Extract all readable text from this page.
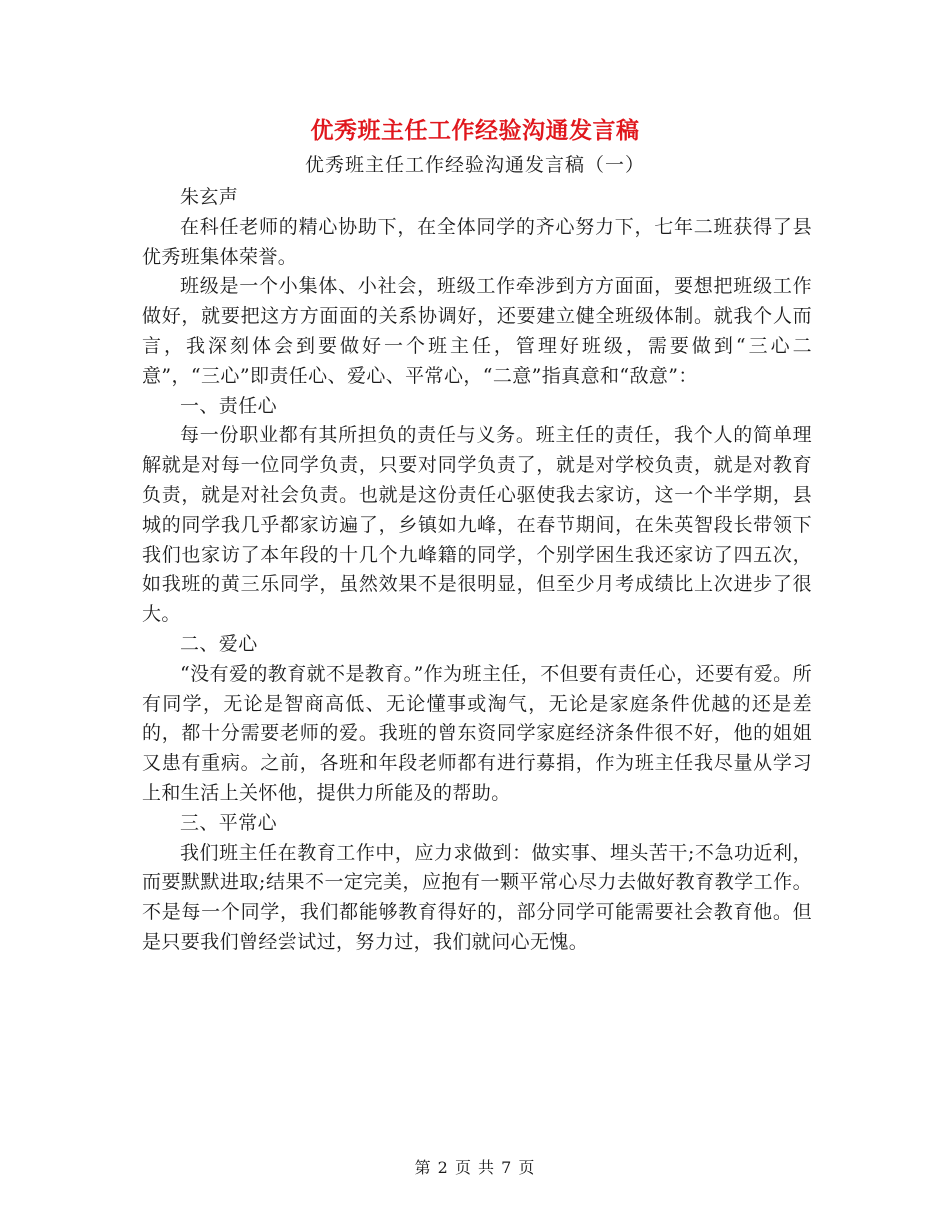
优秀班主任工作经验沟通发言稿
优秀班主任工作经验沟通发言稿（一）

朱玄声

在科任老师的精心协助下，在全体同学的齐心努力下，七年二班获得了县优秀班集体荣誉。

班级是一个小集体、小社会，班级工作牵涉到方方面面，要想把班级工作做好，就要把这方方面面的关系协调好，还要建立健全班级体制。就我个人而言，我深刻体会到要做好一个班主任，管理好班级，需要做到“三心二意”，“三心”即责任心、爱心、平常心，“二意”指真意和“敌意”：

一、责任心

每一份职业都有其所担负的责任与义务。班主任的责任，我个人的简单理解就是对每一位同学负责，只要对同学负责了，就是对学校负责，就是对教育负责，就是对社会负责。也就是这份责任心驱使我去家访，这一个半学期，县城的同学我几乎都家访遍了，乡镇如九峰，在春节期间，在朱英智段长带领下我们也家访了本年段的十几个九峰籍的同学，个别学困生我还家访了四五次，如我班的黄三乐同学，虽然效果不是很明显，但至少月考成绩比上次进步了很大。

二、爱心

“没有爱的教育就不是教育。”作为班主任，不但要有责任心，还要有爱。所有同学，无论是智商高低、无论懂事或淘气，无论是家庭条件优越的还是差的，都十分需要老师的爱。我班的曾东资同学家庭经济条件很不好，他的姐姐又患有重病。之前，各班和年段老师都有进行募捐，作为班主任我尽量从学习上和生活上关怀他，提供力所能及的帮助。

三、平常心

我们班主任在教育工作中，应力求做到：做实事、埋头苦干;不急功近利，而要默默进取;结果不一定完美，应抱有一颗平常心尽力去做好教育教学工作。不是每一个同学，我们都能够教育得好的，部分同学可能需要社会教育他。但是只要我们曾经尝试过，努力过，我们就问心无愧。

第 2 页 共 7 页
